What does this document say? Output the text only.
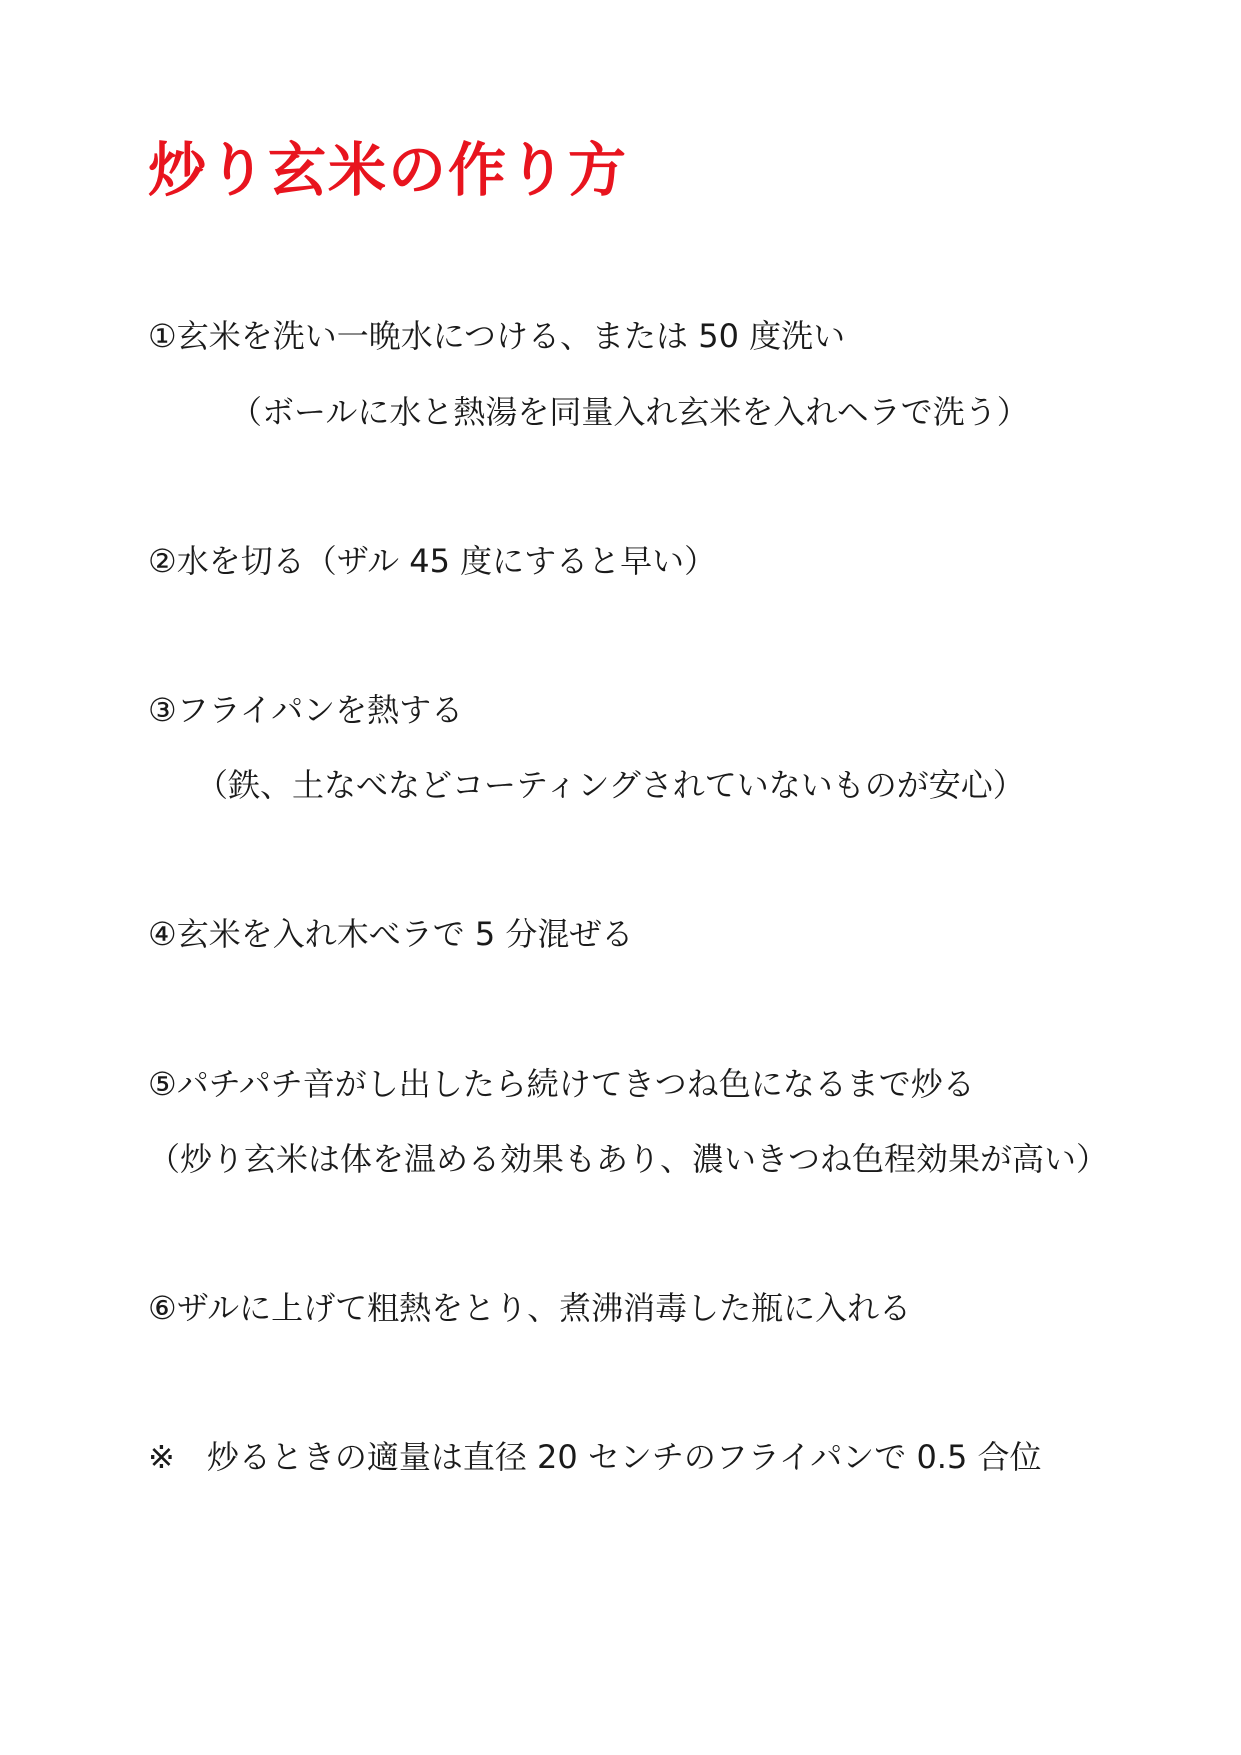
炒り玄米の作り方

①玄米を洗い一晩水につける、または 50 度洗い

（ボールに水と熱湯を同量入れ玄米を入れヘラで洗う）

②水を切る（ザル 45 度にすると早い）

③フライパンを熱する

（鉄、土なべなどコーティングされていないものが安心）

④玄米を入れ木べラで 5 分混ぜる

⑤パチパチ音がし出したら続けてきつね色になるまで炒る

（炒り玄米は体を温める効果もあり、濃いきつね色程効果が高い）

⑥ザルに上げて粗熱をとり、煮沸消毒した瓶に入れる

※　炒るときの適量は直径 20 センチのフライパンで 0.5 合位
